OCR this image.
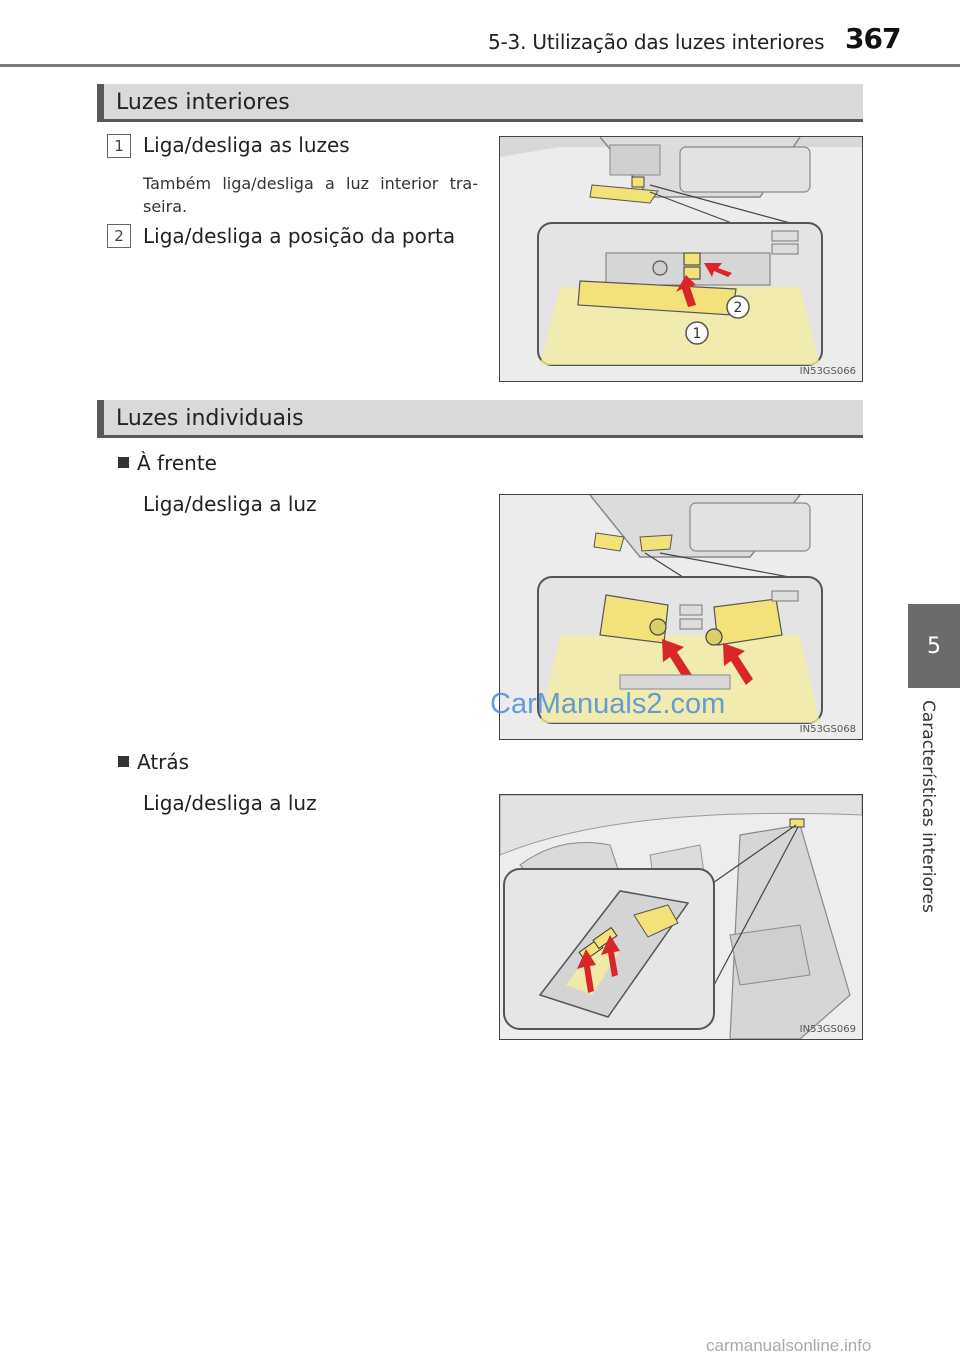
5-3. Utilização das luzes interiores 367
5
Características interiores
Luzes interiores
1 Liga/desliga as luzes
Também liga/desliga a luz interior tra-seira.
2 Liga/desliga a posição da porta
2
1
IN53GS066
Luzes individuais
À frente
Liga/desliga a luz
IN53GS068
CarManuals2.com
Atrás
Liga/desliga a luz
IN53GS069
carmanualsonline.info
